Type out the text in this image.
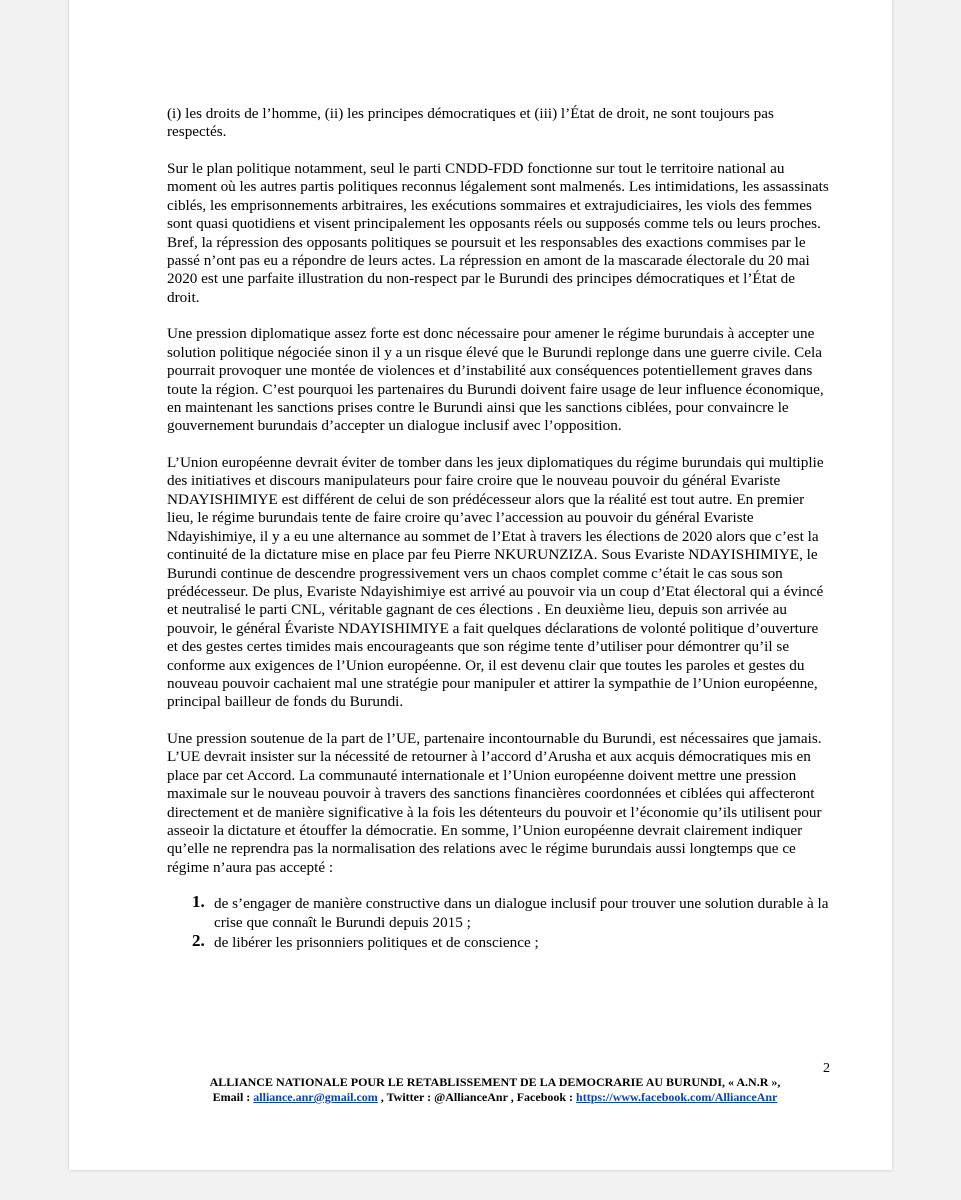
(i) les droits de l’homme, (ii) les principes démocratiques et (iii) l’État de droit, ne sont toujours pas respectés.

Sur le plan politique notamment, seul le parti CNDD-FDD fonctionne sur tout le territoire national au moment où les autres partis politiques reconnus légalement sont malmenés. Les intimidations, les assassinats ciblés, les emprisonnements arbitraires, les exécutions sommaires et extrajudiciaires, les viols des femmes sont quasi quotidiens et visent principalement les opposants réels ou supposés comme tels ou leurs proches. Bref, la répression des opposants politiques se poursuit et les responsables des exactions commises par le passé n’ont pas eu a répondre de leurs actes. La répression en amont de la mascarade électorale du 20 mai 2020 est une parfaite illustration du non-respect par le Burundi des principes démocratiques et l’État de droit.

Une pression diplomatique assez forte est donc nécessaire pour amener le régime burundais à accepter une solution politique négociée sinon il y a un risque élevé que le Burundi replonge dans une guerre civile. Cela pourrait provoquer une montée de violences et d’instabilité aux conséquences potentiellement graves dans toute la région. C’est pourquoi les partenaires du Burundi doivent faire usage de leur influence économique, en maintenant les sanctions prises contre le Burundi ainsi que les sanctions ciblées, pour convaincre le gouvernement burundais d’accepter un dialogue inclusif avec l’opposition.

L’Union européenne devrait éviter de tomber dans les jeux diplomatiques du régime burundais qui multiplie des initiatives et discours manipulateurs pour faire croire que le nouveau pouvoir du général Evariste NDAYISHIMIYE est différent de celui de son prédécesseur alors que la réalité est tout autre. En premier lieu, le régime burundais tente de faire croire qu’avec l’accession au pouvoir du général Evariste Ndayishimiye, il y a eu une alternance au sommet de l’Etat à travers les élections de 2020 alors que c’est la continuité de la dictature mise en place par feu Pierre NKURUNZIZA. Sous Evariste NDAYISHIMIYE, le Burundi continue de descendre progressivement vers un chaos complet comme c’était le cas sous son prédécesseur. De plus, Evariste Ndayishimiye est arrivé au pouvoir via un coup d’Etat électoral qui a évincé et neutralisé le parti CNL, véritable gagnant de ces élections . En deuxième lieu, depuis son arrivée au pouvoir, le général Évariste NDAYISHIMIYE a fait quelques déclarations de volonté politique d’ouverture et des gestes certes timides mais encourageants que son régime tente d’utiliser pour démontrer qu’il se conforme aux exigences de l’Union européenne. Or, il est devenu clair que toutes les paroles et gestes du nouveau pouvoir cachaient mal une stratégie pour manipuler et attirer la sympathie de l’Union européenne, principal bailleur de fonds du Burundi.

Une pression soutenue de la part de l’UE, partenaire incontournable du Burundi, est nécessaires que jamais. L’UE devrait insister sur la nécessité de retourner à l’accord d’Arusha et aux acquis démocratiques mis en place par cet Accord. La communauté internationale et l’Union européenne doivent mettre une pression maximale sur le nouveau pouvoir à travers des sanctions financières coordonnées et ciblées qui affecteront directement et de manière significative à la fois les détenteurs du pouvoir et l’économie qu’ils utilisent pour asseoir la dictature et étouffer la démocratie. En somme, l’Union européenne devrait clairement indiquer qu’elle ne reprendra pas la normalisation des relations avec le régime burundais aussi longtemps que ce régime n’aura pas accepté :

1. de s’engager de manière constructive dans un dialogue inclusif pour trouver une solution durable à la crise que connaît le Burundi depuis 2015 ;
2. de libérer les prisonniers politiques et de conscience ;
2
ALLIANCE NATIONALE POUR LE RETABLISSEMENT DE LA DEMOCRARIE AU BURUNDI, « A.N.R »,
Email : alliance.anr@gmail.com , Twitter : @AllianceAnr , Facebook : https://www.facebook.com/AllianceAnr
